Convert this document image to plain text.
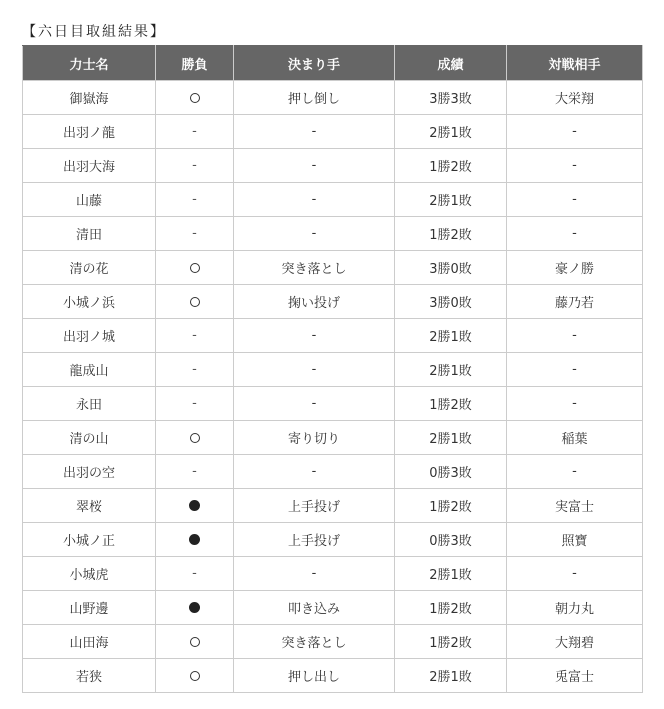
【六日目取組結果】
力士名	勝負	決まり手	成績	対戦相手
御嶽海		押し倒し	3勝3敗	大栄翔
出羽ノ龍	-	-	2勝1敗	-
出羽大海	-	-	1勝2敗	-
山藤	-	-	2勝1敗	-
清田	-	-	1勝2敗	-
清の花		突き落とし	3勝0敗	豪ノ勝
小城ノ浜		掬い投げ	3勝0敗	藤乃若
出羽ノ城	-	-	2勝1敗	-
龍成山	-	-	2勝1敗	-
永田	-	-	1勝2敗	-
清の山		寄り切り	2勝1敗	稲葉
出羽の空	-	-	0勝3敗	-
翠桜		上手投げ	1勝2敗	実富士
小城ノ正		上手投げ	0勝3敗	照寶
小城虎	-	-	2勝1敗	-
山野邊		叩き込み	1勝2敗	朝力丸
山田海		突き落とし	1勝2敗	大翔碧
若狭		押し出し	2勝1敗	兎富士
